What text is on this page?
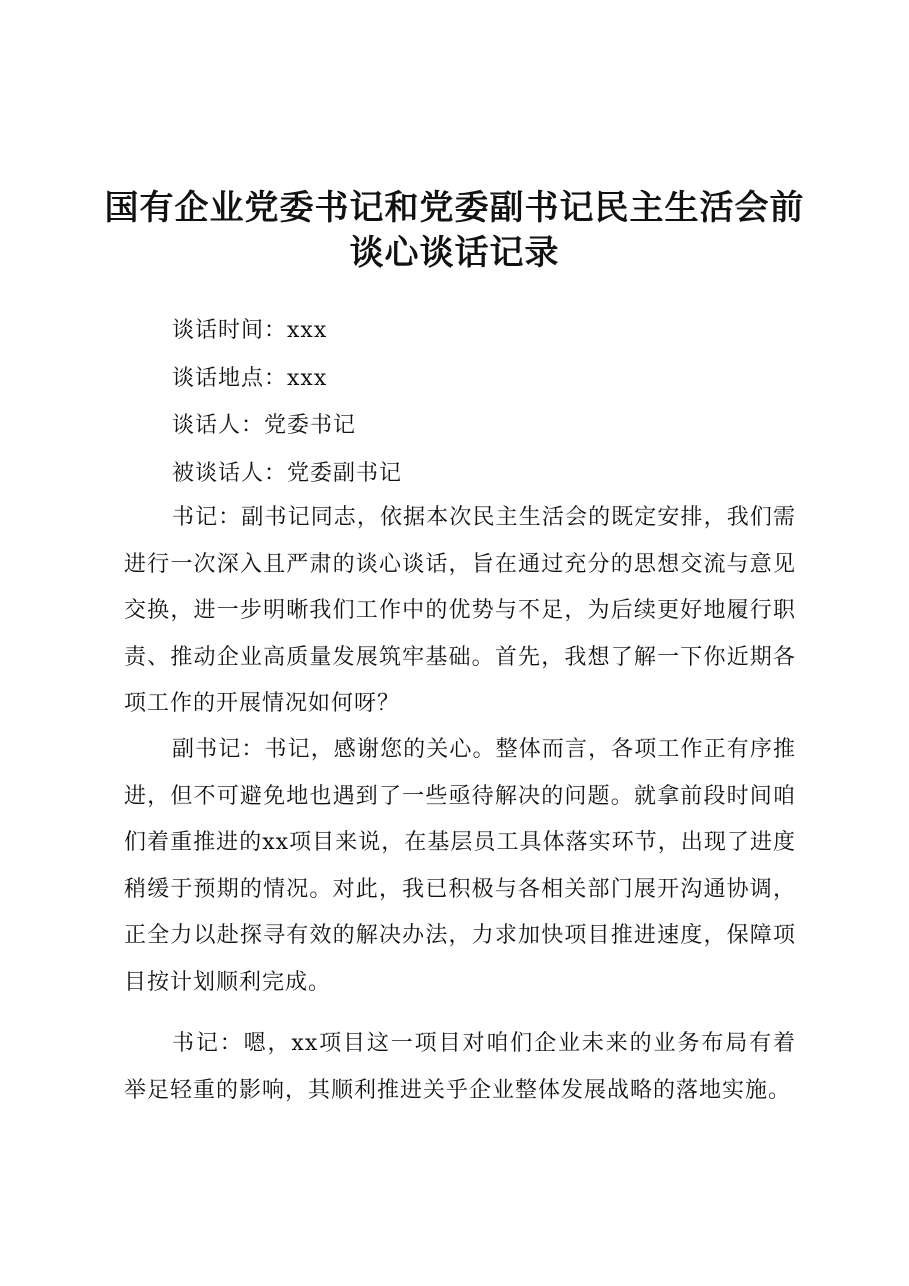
国有企业党委书记和党委副书记民主生活会前
谈心谈话记录

谈话时间：xxx

谈话地点：xxx

谈话人：党委书记

被谈话人：党委副书记

书记：副书记同志，依据本次民主生活会的既定安排，我们需进行一次深入且严肃的谈心谈话，旨在通过充分的思想交流与意见交换，进一步明晰我们工作中的优势与不足，为后续更好地履行职责、推动企业高质量发展筑牢基础。首先，我想了解一下你近期各项工作的开展情况如何呀？

副书记：书记，感谢您的关心。整体而言，各项工作正有序推进，但不可避免地也遇到了一些亟待解决的问题。就拿前段时间咱们着重推进的xx项目来说，在基层员工具体落实环节，出现了进度稍缓于预期的情况。对此，我已积极与各相关部门展开沟通协调，正全力以赴探寻有效的解决办法，力求加快项目推进速度，保障项目按计划顺利完成。

书记：嗯，xx项目这一项目对咱们企业未来的业务布局有着举足轻重的影响，其顺利推进关乎企业整体发展战略的落地实施。
